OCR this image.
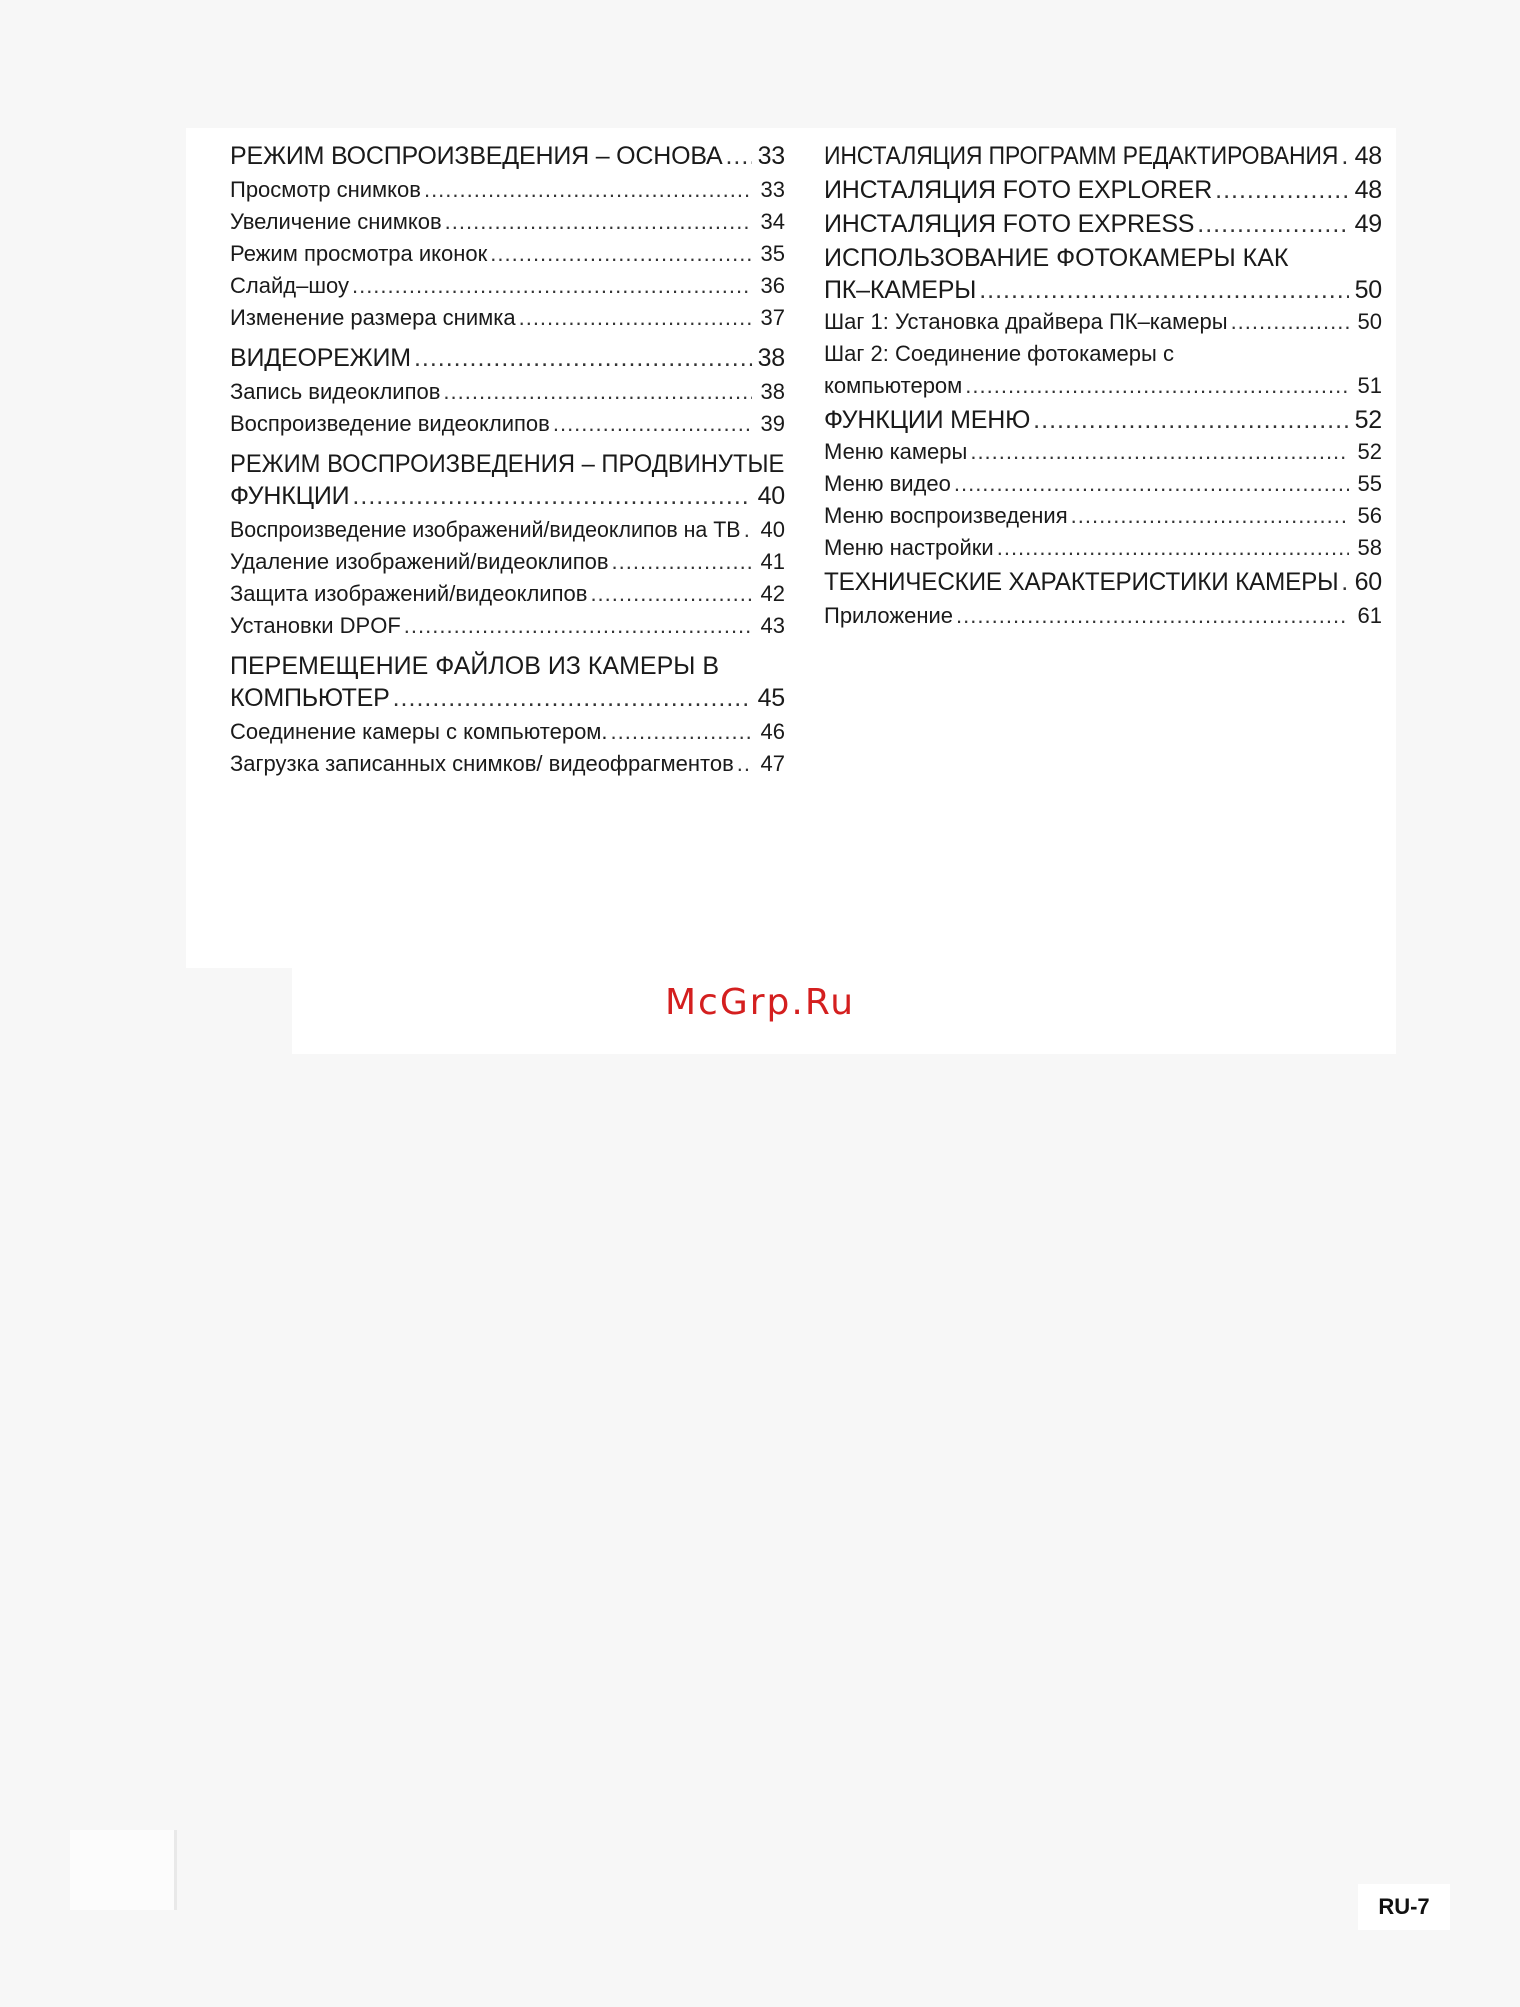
РЕЖИМ ВОСПРОИЗВЕДЕНИЯ – ОСНОВА ..... 33
Просмотр снимков .....	33
Увеличение снимков .....	34
Режим просмотра иконок .....	35
Слайд–шоу .....	36
Изменение размера снимка .....	37
ВИДЕОРЕЖИМ .....	38
Запись видеоклипов .....	38
Воспроизведение видеоклипов .....	39
РЕЖИМ ВОСПРОИЗВЕДЕНИЯ – ПРОДВИНУТЫЕ
ФУНКЦИИ .....	40
Воспроизведение изображений/видеоклипов на ТВ ..... 40
Удаление изображений/видеоклипов .....	41
Защита изображений/видеоклипов .....	42
Установки DPOF .....	43
ПЕРЕМЕЩЕНИЕ ФАЙЛОВ ИЗ КАМЕРЫ В
КОМПЬЮТЕР .....	45
Соединение камеры с компьютером. .....	46
Загрузка записанных снимков/ видеофрагментов ..... 47
ИНСТАЛЯЦИЯ ПРОГРАММ РЕДАКТИРОВАНИЯ ..... 48
ИНСТАЛЯЦИЯ FOTO EXPLORER .....	48
ИНСТАЛЯЦИЯ FOTO EXPRESS .....	49
ИСПОЛЬЗОВАНИЕ ФОТОКАМЕРЫ КАК
ПК–КАМЕРЫ .....	50
Шаг 1: Установка драйвера ПК–камеры .....	50
Шаг 2: Соединение фотокамеры с
компьютером .....	51
ФУНКЦИИ МЕНЮ .....	52
Меню камеры .....	52
Меню видео .....	55
Меню воспроизведения .....	56
Меню настройки .....	58
ТЕХНИЧЕСКИЕ ХАРАКТЕРИСТИКИ КАМЕРЫ ..... 60
Приложение .....	61
McGrp.Ru
RU-7
